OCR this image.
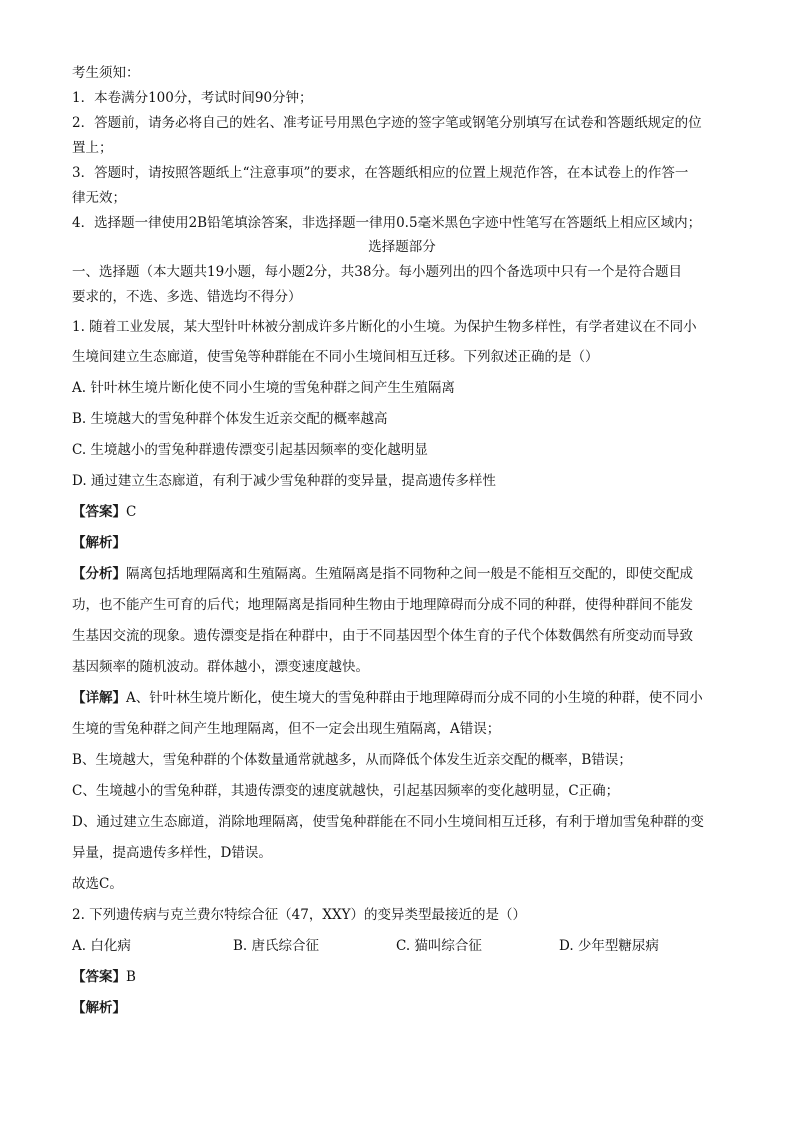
考生须知：
1．本卷满分100分，考试时间90分钟；
2．答题前，请务必将自己的姓名、准考证号用黑色字迹的签字笔或钢笔分别填写在试卷和答题纸规定的位
置上；
3．答题时，请按照答题纸上“注意事项”的要求，在答题纸相应的位置上规范作答，在本试卷上的作答一
律无效；
4．选择题一律使用2B铅笔填涂答案，非选择题一律用0.5毫米黑色字迹中性笔写在答题纸上相应区域内；
选择题部分
一、选择题（本大题共19小题，每小题2分，共38分。每小题列出的四个备选项中只有一个是符合题目
要求的，不选、多选、错选均不得分）
1. 随着工业发展，某大型针叶林被分割成许多片断化的小生境。为保护生物多样性，有学者建议在不同小
生境间建立生态廊道，使雪兔等种群能在不同小生境间相互迁移。下列叙述正确的是（）
A. 针叶林生境片断化使不同小生境的雪兔种群之间产生生殖隔离
B. 生境越大的雪兔种群个体发生近亲交配的概率越高
C. 生境越小的雪兔种群遗传漂变引起基因频率的变化越明显
D. 通过建立生态廊道，有利于减少雪兔种群的变异量，提高遗传多样性
【答案】C
【解析】
【分析】隔离包括地理隔离和生殖隔离。生殖隔离是指不同物种之间一般是不能相互交配的，即使交配成
功，也不能产生可育的后代；地理隔离是指同种生物由于地理障碍而分成不同的种群，使得种群间不能发
生基因交流的现象。遗传漂变是指在种群中，由于不同基因型个体生育的子代个体数偶然有所变动而导致
基因频率的随机波动。群体越小，漂变速度越快。
【详解】A、针叶林生境片断化，使生境大的雪兔种群由于地理障碍而分成不同的小生境的种群，使不同小
生境的雪兔种群之间产生地理隔离，但不一定会出现生殖隔离，A错误；
B、生境越大，雪兔种群的个体数量通常就越多，从而降低个体发生近亲交配的概率，B错误；
C、生境越小的雪兔种群，其遗传漂变的速度就越快，引起基因频率的变化越明显，C正确；
D、通过建立生态廊道，消除地理隔离，使雪兔种群能在不同小生境间相互迁移，有利于增加雪兔种群的变
异量，提高遗传多样性，D错误。
故选C。
2. 下列遗传病与克兰费尔特综合征（47，XXY）的变异类型最接近的是（）
A. 白化病	B. 唐氏综合征	C. 猫叫综合征	D. 少年型糖尿病
【答案】B
【解析】
